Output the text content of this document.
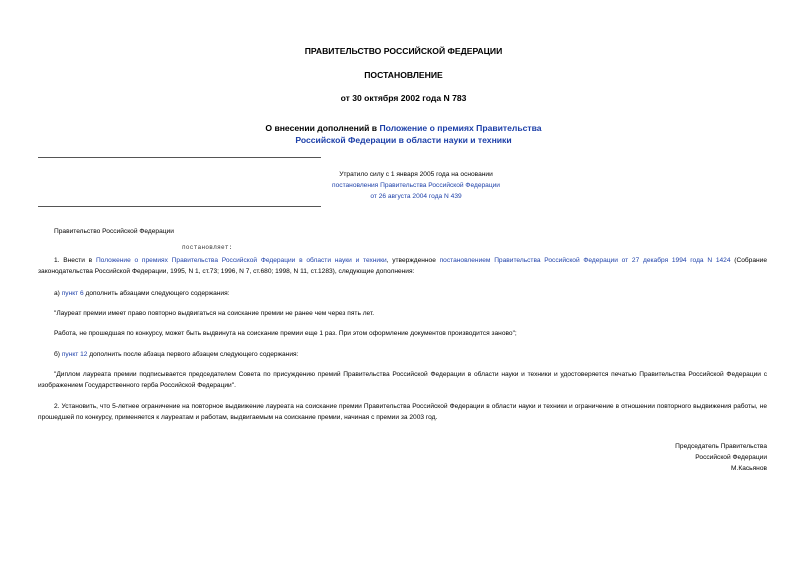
ПРАВИТЕЛЬСТВО РОССИЙСКОЙ ФЕДЕРАЦИИ
ПОСТАНОВЛЕНИЕ
от 30 октября 2002 года N 783
О внесении дополнений в Положение о премиях Правительства
Российской Федерации в области науки и техники
Утратило силу с 1 января 2005 года на основании
постановления Правительства Российской Федерации
от 26 августа 2004 года N 439
Правительство Российской Федерации
постановляет:
1. Внести в Положение о премиях Правительства Российской Федерации в области науки и техники, утвержденное постановлением Правительства Российской Федерации от 27 декабря 1994 года N 1424 (Собрание законодательства Российской Федерации, 1995, N 1, ст.73; 1996, N 7, ст.680; 1998, N 11, ст.1283), следующие дополнения:
а) пункт 6 дополнить абзацами следующего содержания:
"Лауреат премии имеет право повторно выдвигаться на соискание премии не ранее чем через пять лет.
Работа, не прошедшая по конкурсу, может быть выдвинута на соискание премии еще 1 раз. При этом оформление документов производится заново";
б) пункт 12 дополнить после абзаца первого абзацем следующего содержания:
"Диплом лауреата премии подписывается председателем Совета по присуждению премий Правительства Российской Федерации в области науки и техники и удостоверяется печатью Правительства Российской Федерации с изображением Государственного герба Российской Федерации".
2. Установить, что 5-летнее ограничение на повторное выдвижение лауреата на соискание премии Правительства Российской Федерации в области науки и техники и ограничение в отношении повторного выдвижения работы, не прошедшей по конкурсу, применяется к лауреатам и работам, выдвигаемым на соискание премии, начиная с премии за 2003 год.
Председатель Правительства
Российской Федерации
М.Касьянов
